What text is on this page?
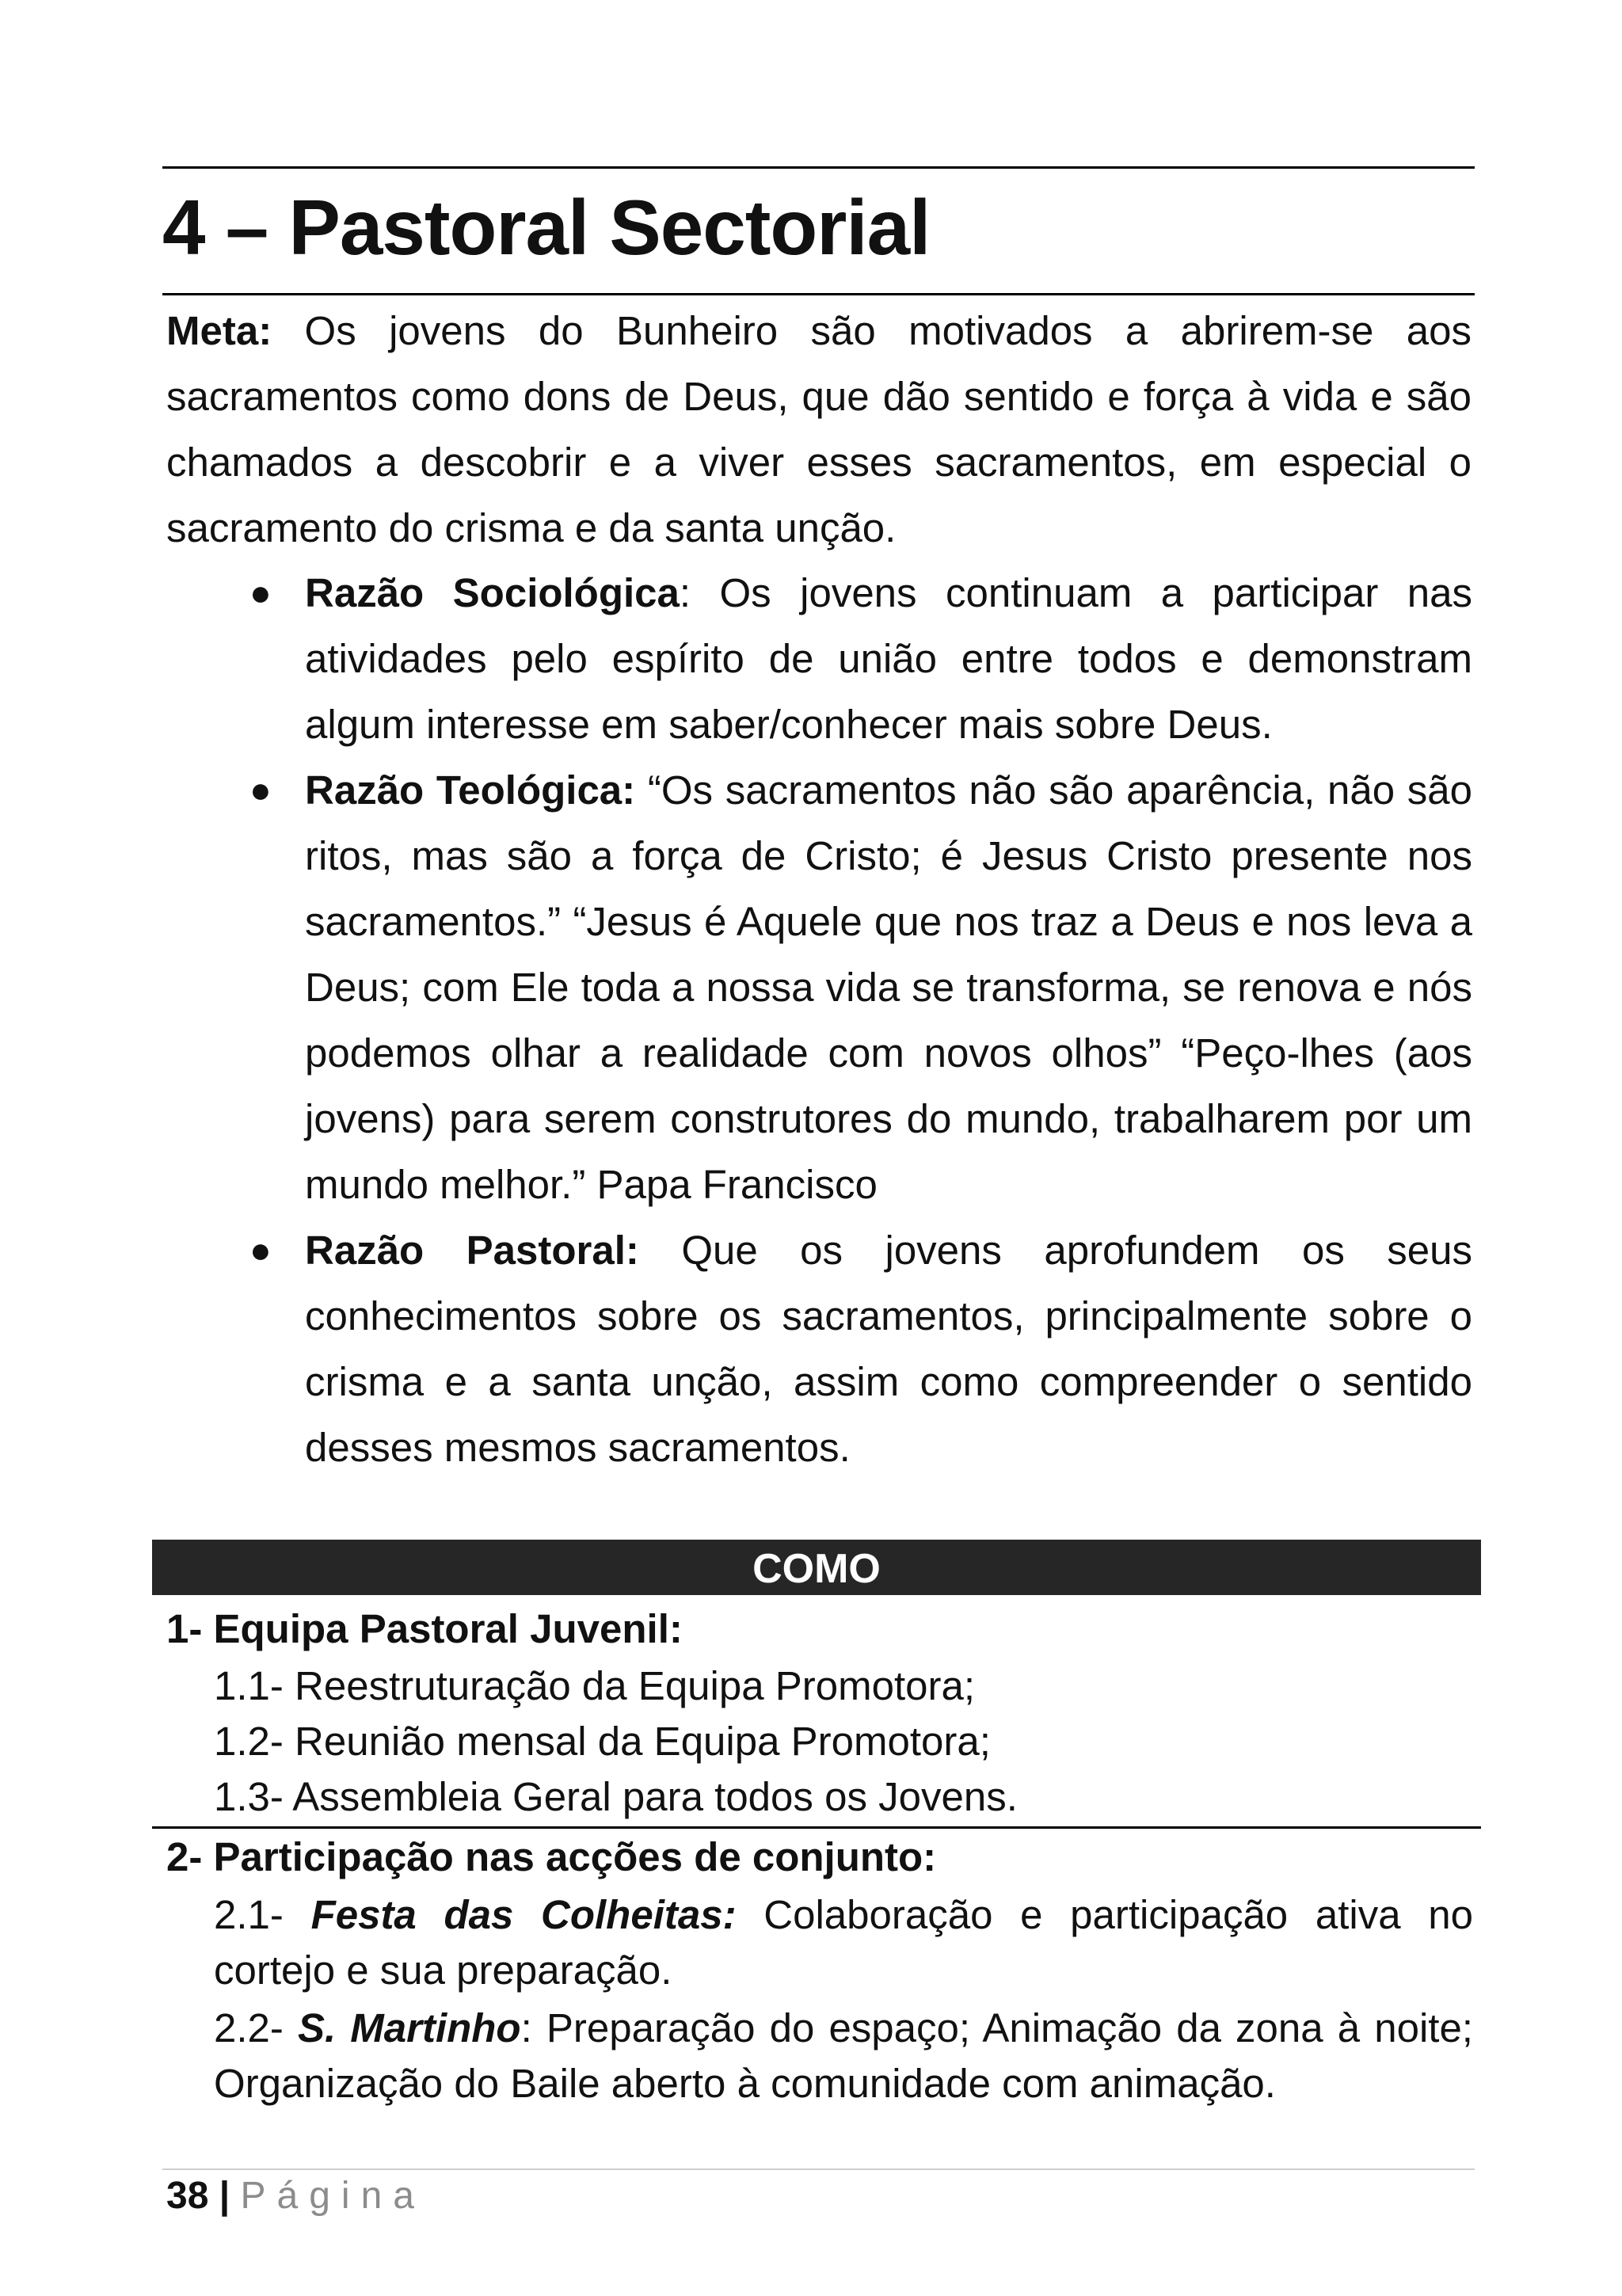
4 – Pastoral Sectorial

Meta: Os jovens do Bunheiro são motivados a abrirem-se aos sacramentos como dons de Deus, que dão sentido e força à vida e são chamados a descobrir e a viver esses sacramentos, em especial o sacramento do crisma e da santa unção.

● Razão Sociológica: Os jovens continuam a participar nas atividades pelo espírito de união entre todos e demonstram algum interesse em saber/conhecer mais sobre Deus.
● Razão Teológica: “Os sacramentos não são aparência, não são ritos, mas são a força de Cristo; é Jesus Cristo presente nos sacramentos.” “Jesus é Aquele que nos traz a Deus e nos leva a Deus; com Ele toda a nossa vida se transforma, se renova e nós podemos olhar a realidade com novos olhos” “Peço-lhes (aos jovens) para serem construtores do mundo, trabalharem por um mundo melhor.” Papa Francisco
● Razão Pastoral: Que os jovens aprofundem os seus conhecimentos sobre os sacramentos, principalmente sobre o crisma e a santa unção, assim como compreender o sentido desses mesmos sacramentos.
COMO

1- Equipa Pastoral Juvenil:

1.1- Reestruturação da Equipa Promotora;

1.2- Reunião mensal da Equipa Promotora;

1.3- Assembleia Geral para todos os Jovens.

2- Participação nas acções de conjunto:

2.1- Festa das Colheitas: Colaboração e participação ativa no cortejo e sua preparação.

2.2- S. Martinho: Preparação do espaço; Animação da zona à noite; Organização do Baile aberto à comunidade com animação.

38 | Página
